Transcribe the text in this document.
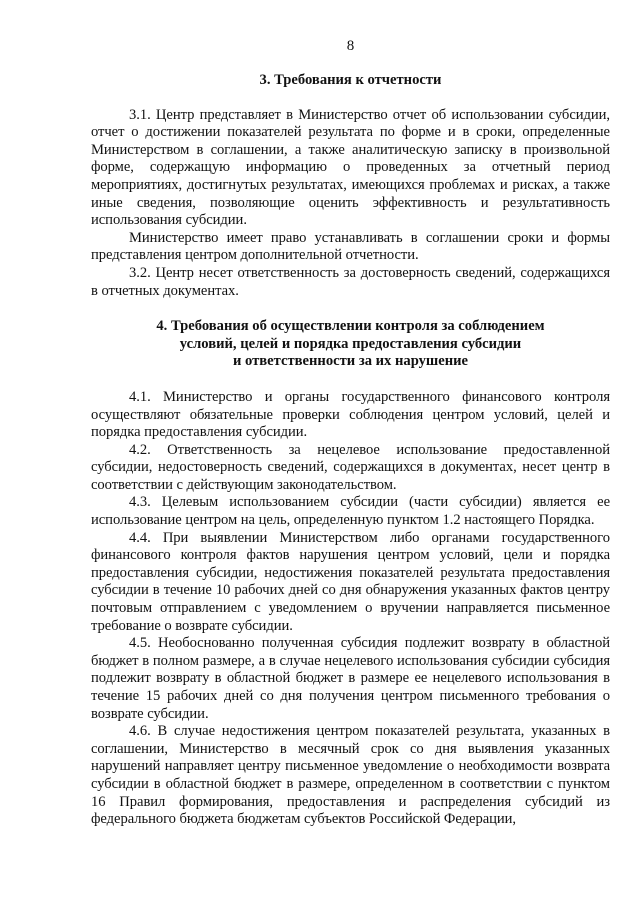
8
3. Требования к отчетности

3.1. Центр представляет в Министерство отчет об использовании субсидии, отчет о достижении показателей результата по форме и в сроки, определенные Министерством в соглашении, а также аналитическую записку в произвольной форме, содержащую информацию о проведенных за отчетный период мероприятиях, достигнутых результатах, имеющихся проблемах и рисках, а также иные сведения, позволяющие оценить эффективность и результативность использования субсидии.

Министерство имеет право устанавливать в соглашении сроки и формы представления центром дополнительной отчетности.

3.2. Центр несет ответственность за достоверность сведений, содержащихся в отчетных документах.

4. Требования об осуществлении контроля за соблюдением
условий, целей и порядка предоставления субсидии
и ответственности за их нарушение

4.1. Министерство и органы государственного финансового контроля осуществляют обязательные проверки соблюдения центром условий, целей и порядка предоставления субсидии.

4.2. Ответственность за нецелевое использование предоставленной субсидии, недостоверность сведений, содержащихся в документах, несет центр в соответствии с действующим законодательством.

4.3. Целевым использованием субсидии (части субсидии) является ее использование центром на цель, определенную пунктом 1.2 настоящего Порядка.

4.4. При выявлении Министерством либо органами государственного финансового контроля фактов нарушения центром условий, цели и порядка предоставления субсидии, недостижения показателей результата предоставления субсидии в течение 10 рабочих дней со дня обнаружения указанных фактов центру почтовым отправлением с уведомлением о вручении направляется письменное требование о возврате субсидии.

4.5. Необоснованно полученная субсидия подлежит возврату в областной бюджет в полном размере, а в случае нецелевого использования субсидии субсидия подлежит возврату в областной бюджет в размере ее нецелевого использования в течение 15 рабочих дней со дня получения центром письменного требования о возврате субсидии.

4.6. В случае недостижения центром показателей результата, указанных в соглашении, Министерство в месячный срок со дня выявления указанных нарушений направляет центру письменное уведомление о необходимости возврата субсидии в областной бюджет в размере, определенном в соответствии с пунктом 16 Правил формирования, предоставления и распределения субсидий из федерального бюджета бюджетам субъектов Российской Федерации,
